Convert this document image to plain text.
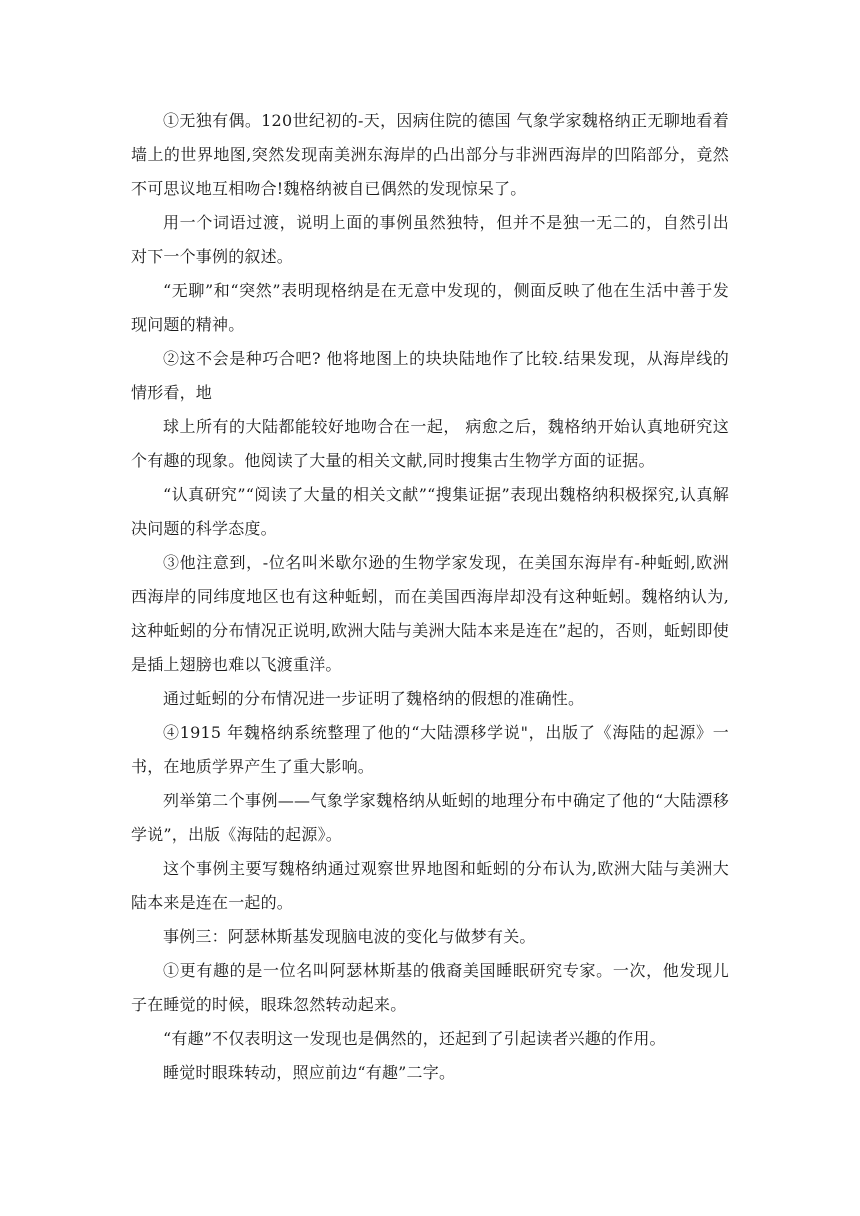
①无独有偶。120世纪初的-天，因病住院的德国 气象学家魏格纳正无聊地看着墙上的世界地图,突然发现南美洲东海岸的凸出部分与非洲西海岸的凹陷部分，竟然不可思议地互相吻合!魏格纳被自已偶然的发现惊呆了。

用一个词语过渡，说明上面的事例虽然独特，但并不是独一无二的，自然引出对下一个事例的叙述。

“无聊”和“突然”表明现格纳是在无意中发现的，侧面反映了他在生活中善于发现问题的精神。

②这不会是种巧合吧? 他将地图上的块块陆地作了比较.结果发现，从海岸线的情形看，地

球上所有的大陆都能较好地吻合在一起， 病愈之后，魏格纳开始认真地研究这个有趣的现象。他阅读了大量的相关文献,同时搜集古生物学方面的证据。

“认真研究”“阅读了大量的相关文献”“搜集证据”表现出魏格纳积极探究,认真解决问题的科学态度。

③他注意到，-位名叫米歇尔逊的生物学家发现，在美国东海岸有-种蚯蚓,欧洲西海岸的同纬度地区也有这种蚯蚓，而在美国西海岸却没有这种蚯蚓。魏格纳认为,这种蚯蚓的分布情况正说明,欧洲大陆与美洲大陆本来是连在”起的，否则，蚯蚓即使是插上翅膀也难以飞渡重洋。

通过蚯蚓的分布情况进一步证明了魏格纳的假想的准确性。

④1915 年魏格纳系统整理了他的“大陆漂移学说"，出版了《海陆的起源》一书，在地质学界产生了重大影响。

列举第二个事例——气象学家魏格纳从蚯蚓的地理分布中确定了他的“大陆漂移学说”，出版《海陆的起源》。

这个事例主要写魏格纳通过观察世界地图和蚯蚓的分布认为,欧洲大陆与美洲大陆本来是连在一起的。

事例三：阿瑟林斯基发现脑电波的变化与做梦有关。

①更有趣的是一位名叫阿瑟林斯基的俄裔美国睡眠研究专家。一次，他发现儿子在睡觉的时候，眼珠忽然转动起来。

“有趣”不仅表明这一发现也是偶然的，还起到了引起读者兴趣的作用。

睡觉时眼珠转动，照应前边“有趣”二字。
